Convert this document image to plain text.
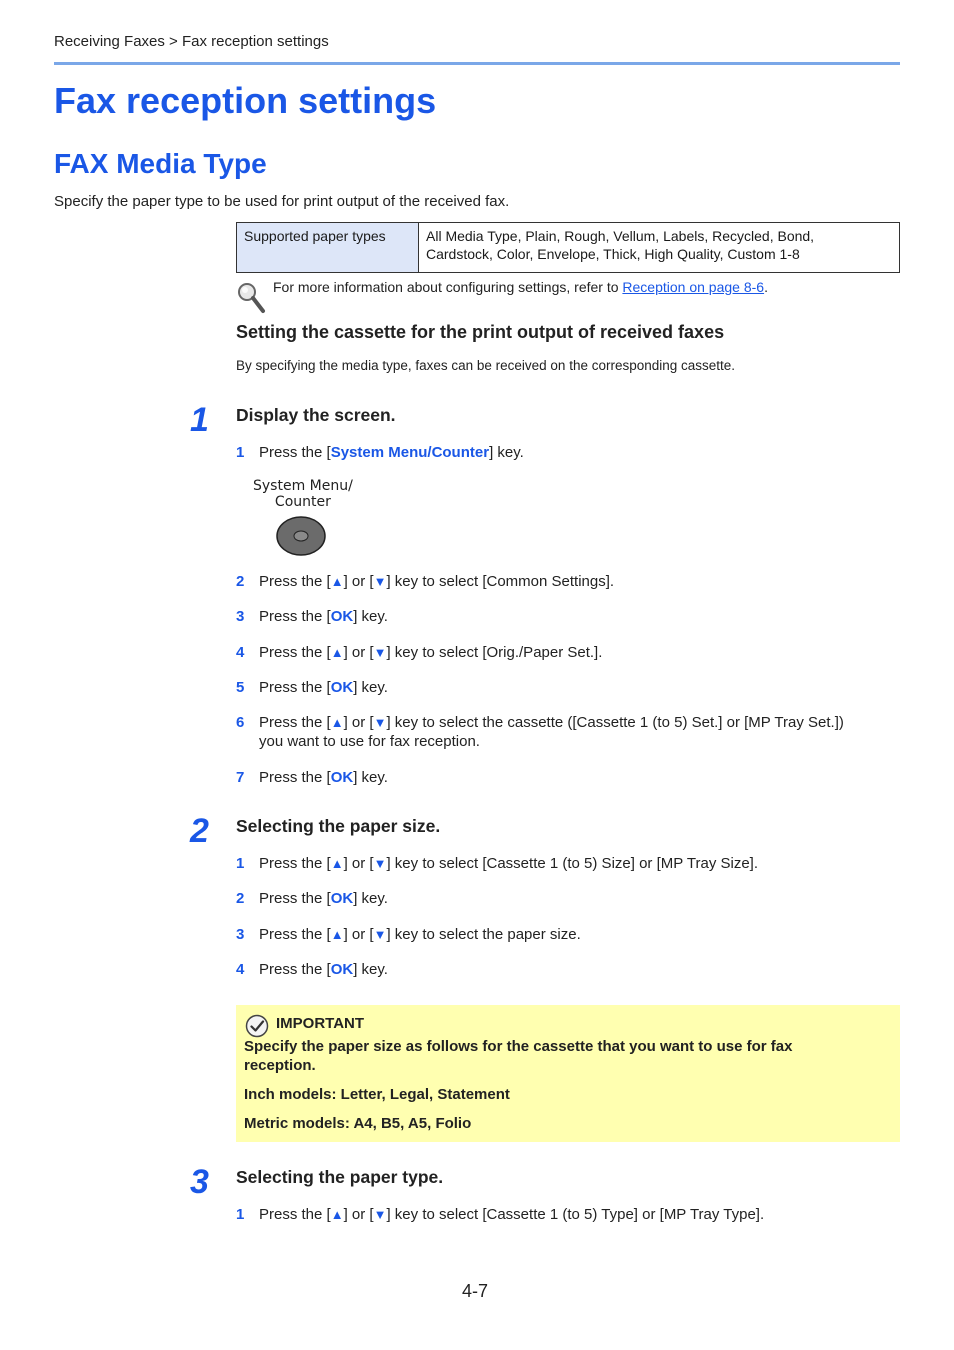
Receiving Faxes > Fax reception settings
Fax reception settings
FAX Media Type
Specify the paper type to be used for print output of the received fax.
Supported paper types	All Media Type, Plain, Rough, Vellum, Labels, Recycled, Bond,
Cardstock, Color, Envelope, Thick, High Quality, Custom 1-8
For more information about configuring settings, refer to Reception on page 8-6.
Setting the cassette for the print output of received faxes
By specifying the media type, faxes can be received on the corresponding cassette.
1 Display the screen.
1 Press the [System Menu/Counter] key.
System Menu/
Counter
2 Press the [▲] or [▼] key to select [Common Settings].
3 Press the [OK] key.
4 Press the [▲] or [▼] key to select [Orig./Paper Set.].
5 Press the [OK] key.
6 Press the [▲] or [▼] key to select the cassette ([Cassette 1 (to 5) Set.] or [MP Tray Set.])
you want to use for fax reception.
7 Press the [OK] key.
2 Selecting the paper size.
1 Press the [▲] or [▼] key to select [Cassette 1 (to 5) Size] or [MP Tray Size].
2 Press the [OK] key.
3 Press the [▲] or [▼] key to select the paper size.
4 Press the [OK] key.
IMPORTANT
Specify the paper size as follows for the cassette that you want to use for fax
reception.
Inch models: Letter, Legal, Statement
Metric models: A4, B5, A5, Folio
3 Selecting the paper type.
1 Press the [▲] or [▼] key to select [Cassette 1 (to 5) Type] or [MP Tray Type].
4-7
